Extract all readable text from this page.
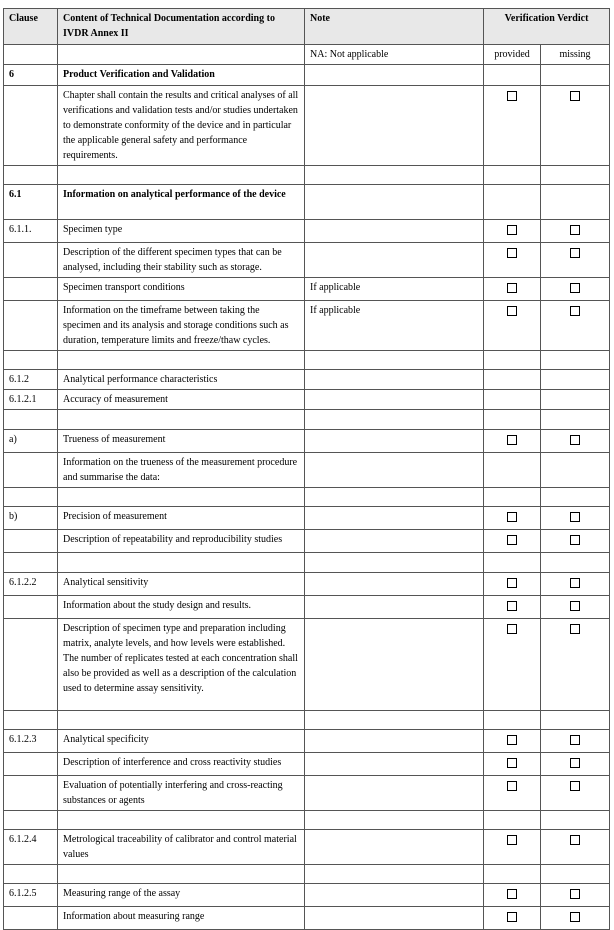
Clause	Content of Technical Documentation according to IVDR Annex II	Note	Verification Verdict	
		NA: Not applicable	provided	missing
6	Product Verification and Validation			
	Chapter shall contain the results and critical analyses of all verifications and validation tests and/or studies undertaken to demonstrate conformity of the device and in particular the applicable general safety and performance requirements.			

6.1	Information on analytical performance of the device			
6.1.1.	Specimen type			
	Description of the different specimen types that can be analysed, including their stability such as storage.			
	Specimen transport conditions	If applicable		
	Information on the timeframe between taking the specimen and its analysis and storage conditions such as duration, temperature limits and freeze/thaw cycles.	If applicable		

6.1.2	Analytical performance characteristics			
6.1.2.1	Accuracy of measurement			

a)	Trueness of measurement			
	Information on the trueness of the measurement procedure and summarise the data:			

b)	Precision of measurement			
	Description of repeatability and reproducibility studies			

6.1.2.2	Analytical sensitivity			
	Information about the study design and results.			
	Description of specimen type and preparation including matrix, analyte levels, and how levels were established. The number of replicates tested at each concentration shall also be provided as well as a description of the calculation used to determine assay sensitivity.			

6.1.2.3	Analytical specificity			
	Description of interference and cross reactivity studies			
	Evaluation of potentially interfering and cross-reacting substances or agents			

6.1.2.4	Metrological traceability of calibrator and control material values			

6.1.2.5	Measuring range of the assay			
	Information about measuring range			
